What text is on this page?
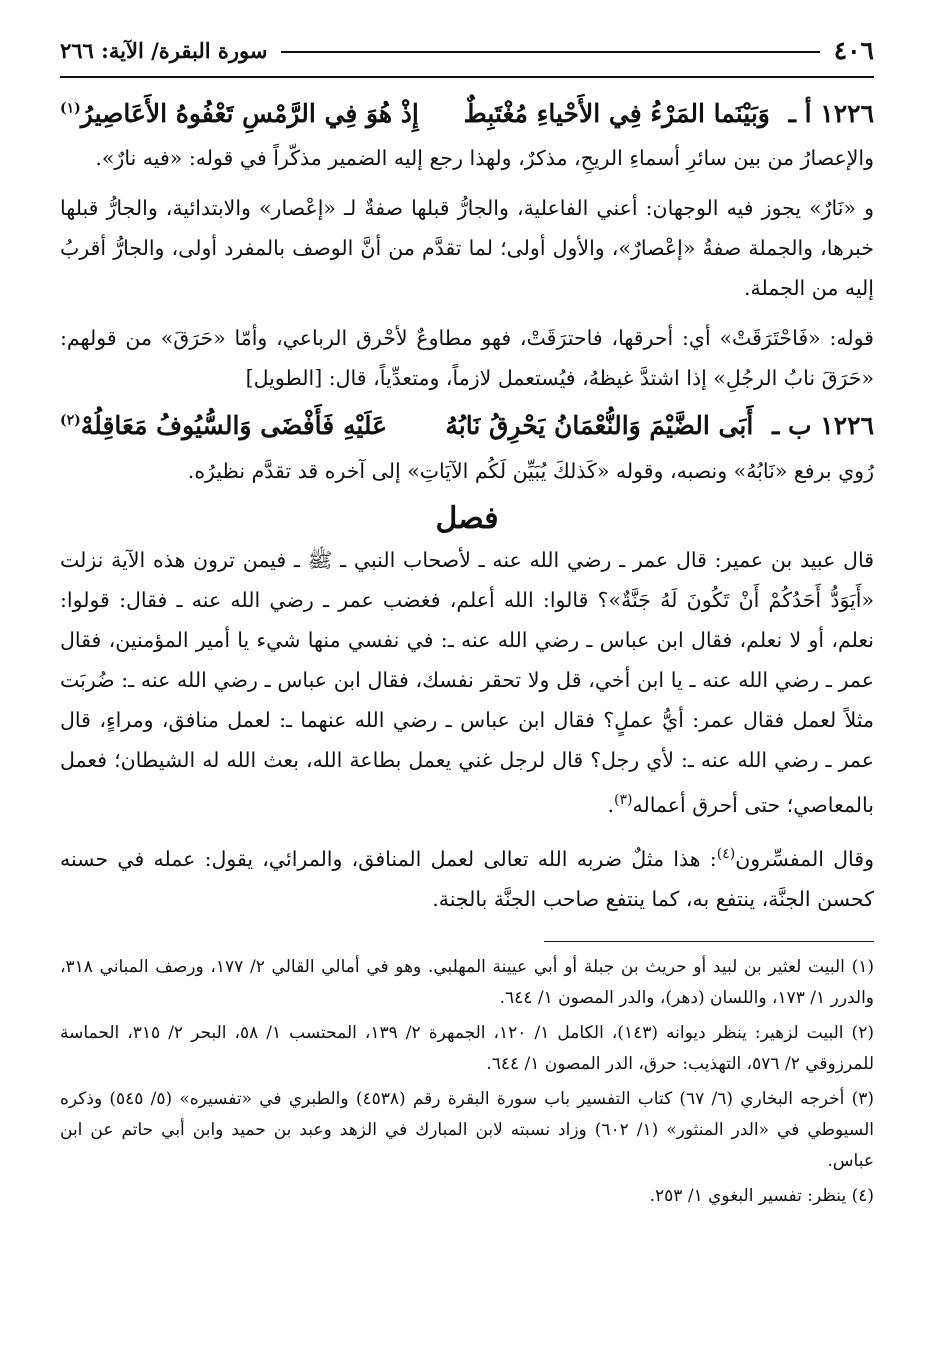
٤٠٦
سورة البقرة/ الآية: ٢٦٦
١٢٢٦ أ ـ وَبَيْنَما المَرْءُ فِي الأَحْياءِ مُغْتَبِطٌ
إِذْ هُوَ فِي الرَّمْسِ تَعْفُوهُ الأَعَاصِيرُ$^{(١)}$

والإعصارُ من بين سائرِ أسماءِ الريحِ، مذكرٌ، ولهذا رجع إليه الضمير مذكّراً في قوله: «فيه نارٌ».

و «نَارٌ» يجوز فيه الوجهان: أعني الفاعلية، والجارُّ قبلها صفةٌ لـ «إعْصار» والابتدائية، والجارُّ قبلها خبرها، والجملة صفةُ «إعْصارٌ»، والأول أولى؛ لما تقدَّم من أنَّ الوصف بالمفرد أولى، والجارُّ أقربُ إليه من الجملة.

قوله: «فَاحْتَرَقَتْ» أي: أحرقها، فاحترَقَتْ، فهو مطاوعٌ لأحْرق الرباعي، وأمّا «حَرَقَ» من قولهم: «حَرَقَ نابُ الرجُلِ» إذا اشتدَّ غيظهُ، فيُستعمل لازماً، ومتعدِّياً، قال: [الطويل]

١٢٢٦ ب ـ أَبَى الضَّيْمَ وَالنُّعْمَانُ يَحْرِقُ نَابُهُ
عَلَيْهِ فَأَفْضَى وَالسُّيُوفُ مَعَاقِلُهْ$^{(٢)}$

رُوي برفع «نَابُهُ» ونصبه، وقوله «كَذلكَ يُبَيِّن لَكُم الآيَاتِ» إلى آخره قد تقدَّم نظيرُه.

فصل

قال عبيد بن عمير: قال عمر ـ رضي الله عنه ـ لأصحاب النبي ـ ﷺ ـ فيمن ترون هذه الآية نزلت «أَيَوَدُّ أَحَدُكُمْ أَنْ تَكُونَ لَهُ جَنَّةٌ»؟ قالوا: الله أعلم، فغضب عمر ـ رضي الله عنه ـ فقال: قولوا: نعلم، أو لا نعلم، فقال ابن عباس ـ رضي الله عنه ـ: في نفسي منها شيء يا أمير المؤمنين، فقال عمر ـ رضي الله عنه ـ يا ابن أخي، قل ولا تحقر نفسك، فقال ابن عباس ـ رضي الله عنه ـ: ضُربَت مثلاً لعمل فقال عمر: أيُّ عملٍ؟ فقال ابن عباس ـ رضي الله عنهما ـ: لعمل منافق، ومراءٍ، قال عمر ـ رضي الله عنه ـ: لأي رجل؟ قال لرجل غني يعمل بطاعة الله، بعث الله له الشيطان؛ فعمل بالمعاصي؛ حتى أحرق أعماله$^{(٣)}$.

وقال المفسِّرون$^{(٤)}$: هذا مثلٌ ضربه الله تعالى لعمل المنافق، والمرائي، يقول: عمله في حسنه كحسن الجنَّة، ينتفع به، كما ينتفع صاحب الجنَّة بالجنة.

(١) البيت لعثير بن لبيد أو حريث بن جبلة أو أبي عيينة المهلبي. وهو في أمالي القالي ٢/ ١٧٧، ورصف المباني ٣١٨، والدرر ١/ ١٧٣، واللسان (دهر)، والدر المصون ١/ ٦٤٤.

(٢) البيت لزهير: ينظر ديوانه (١٤٣)، الكامل ١/ ١٢٠، الجمهرة ٢/ ١٣٩، المحتسب ١/ ٥٨، البحر ٢/ ٣١٥، الحماسة للمرزوقي ٢/ ٥٧٦، التهذيب: حرق، الدر المصون ١/ ٦٤٤.

(٣) أخرجه البخاري (٦/ ٦٧) كتاب التفسير باب سورة البقرة رقم (٤٥٣٨) والطبري في «تفسيره» (٥/ ٥٤٥) وذكره السيوطي في «الدر المنثور» (١/ ٦٠٢) وزاد نسبته لابن المبارك في الزهد وعبد بن حميد وابن أبي حاتم عن ابن عباس.

(٤) ينظر: تفسير البغوي ١/ ٢٥٣.
